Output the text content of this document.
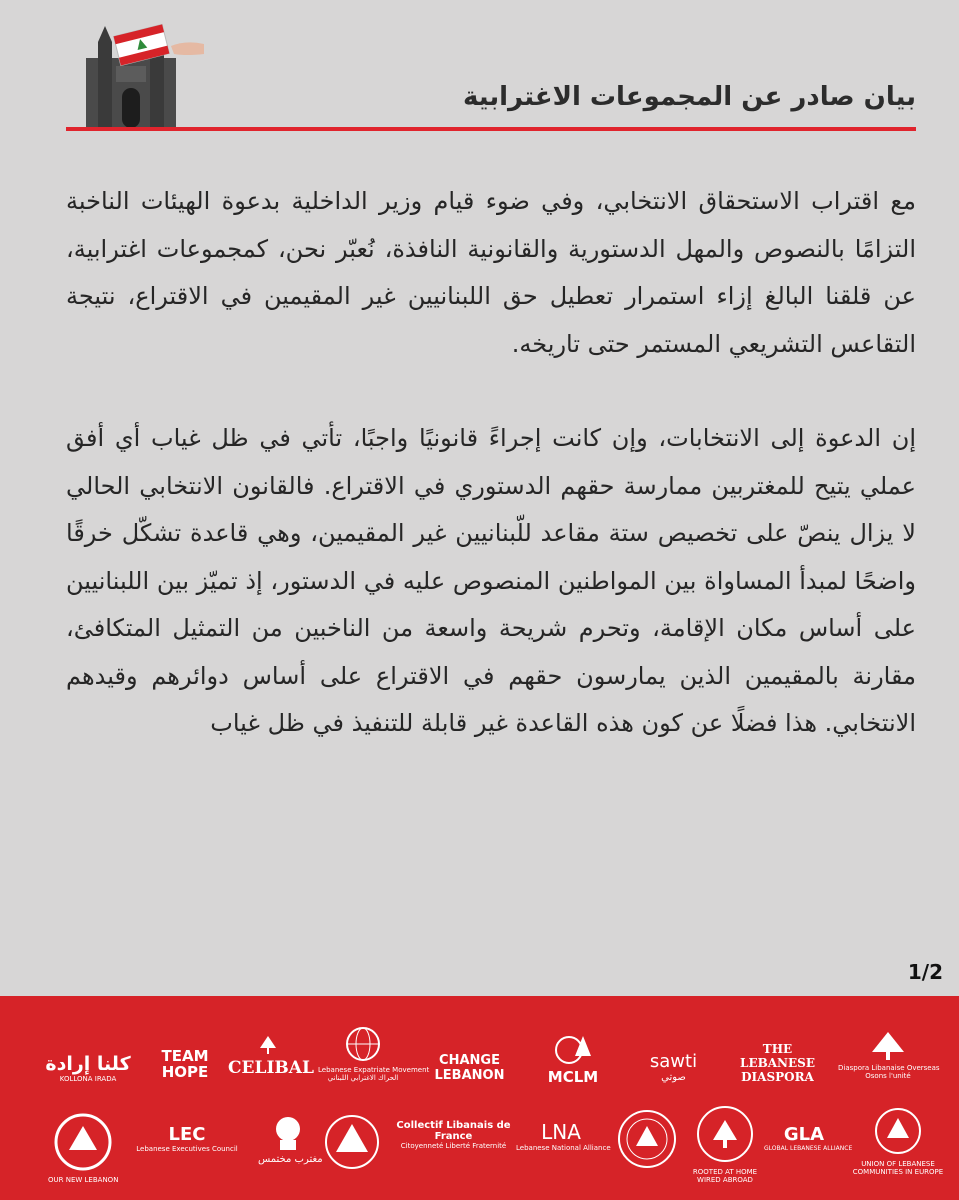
بيان صادر عن المجموعات الاغترابية

مع اقتراب الاستحقاق الانتخابي، وفي ضوء قيام وزير الداخلية بدعوة الهيئات الناخبة التزامًا بالنصوص والمهل الدستورية والقانونية النافذة، نُعبّر نحن، كمجموعات اغترابية، عن قلقنا البالغ إزاء استمرار تعطيل حق اللبنانيين غير المقيمين في الاقتراع، نتيجة التقاعس التشريعي المستمر حتى تاريخه.

إن الدعوة إلى الانتخابات، وإن كانت إجراءً قانونيًا واجبًا، تأتي في ظل غياب أي أفق عملي يتيح للمغتربين ممارسة حقهم الدستوري في الاقتراع. فالقانون الانتخابي الحالي لا يزال ينصّ على تخصيص ستة مقاعد للّبنانيين غير المقيمين، وهي قاعدة تشكّل خرقًا واضحًا لمبدأ المساواة بين المواطنين المنصوص عليه في الدستور، إذ تميّز بين اللبنانيين على أساس مكان الإقامة، وتحرم شريحة واسعة من الناخبين من التمثيل المتكافئ، مقارنة بالمقيمين الذين يمارسون حقهم في الاقتراع على أساس دوائرهم وقيدهم الانتخابي. هذا فضلًا عن كون هذه القاعدة غير قابلة للتنفيذ في ظل غياب

1/2
كلنا إرادة
KOLLONA IRADA
TEAM HOPE	CELIBAL Lebanese Expatriate Movement
الحراك الاغترابي اللبناني
CHANGE LEBANON	MCLM
sawti
صوتي
THE LEBANESE DIASPORA
Diaspora Libanaise Overseas
Osons l'unité
OUR NEW LEBANON
LEC
Lebanese Executives Council
مغترب مختمس
Collectif Libanais de France
Citoyenneté Liberté Fraternité
LNA
Lebanese National Alliance
ROOTED AT HOME
WIRED ABROAD
GLA
GLOBAL LEBANESE ALLIANCE
UNION OF LEBANESE
COMMUNITIES IN EUROPE
